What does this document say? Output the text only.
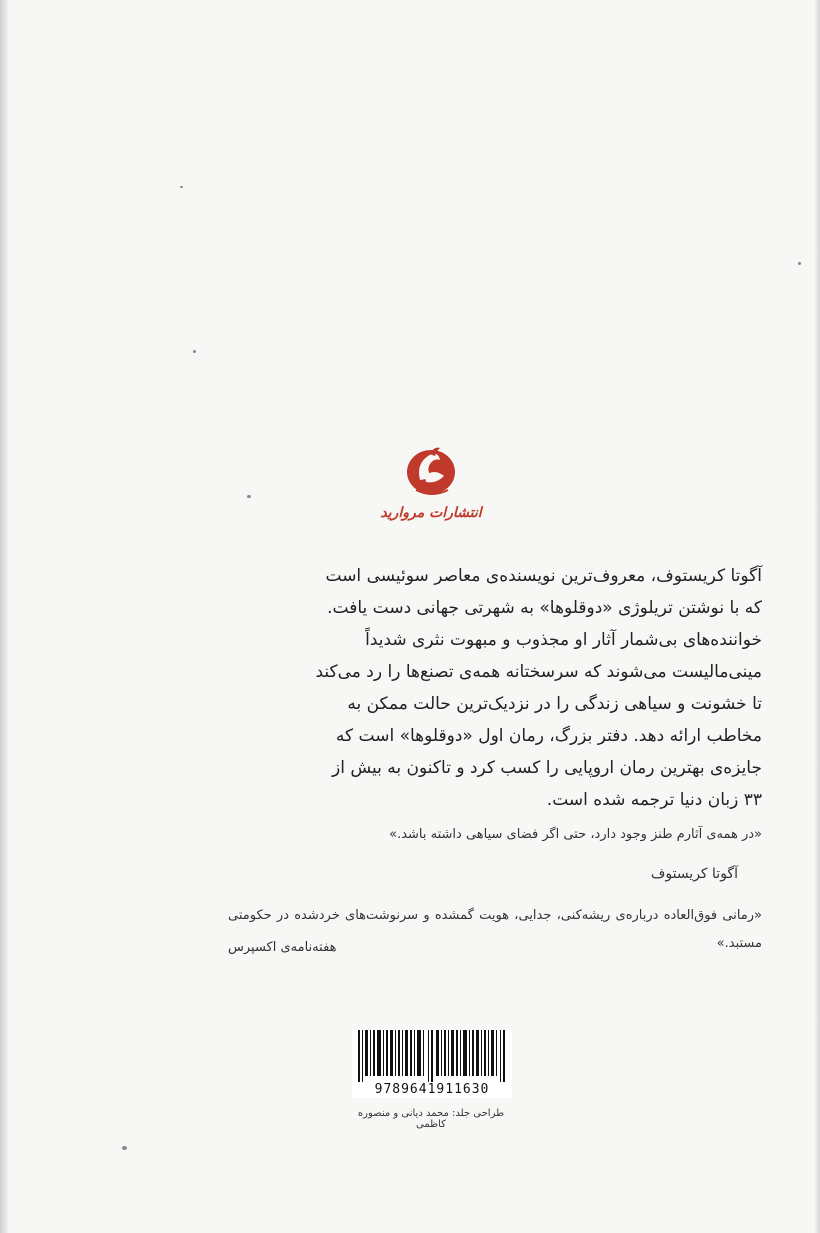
انتشارات مروارید

آگوتا کریستوف، معروف‌ترین نویسنده‌ی معاصر سوئیسی است

که با نوشتن تریلوژی «دوقلوها» به شهرتی جهانی دست یافت.

خواننده‌های بی‌شمار آثار او مجذوب و مبهوت نثری شدیداً

مینی‌مالیست می‌شوند که سرسختانه همه‌ی تصنع‌ها را رد می‌کند

تا خشونت و سیاهی زندگی را در نزدیک‌ترین حالت ممکن به

مخاطب ارائه دهد. دفتر بزرگ، رمان اول «دوقلوها» است که

جایزه‌ی بهترین رمان اروپایی را کسب کرد و تاکنون به بیش از

۳۳ زبان دنیا ترجمه شده است.

«در همه‌ی آثارم طنز وجود دارد، حتی اگر فضای سیاهی داشته باشد.»
آگوتا کریستوف
«رمانی فوق‌العاده درباره‌ی ریشه‌کنی، جدایی، هویت گمشده و سرنوشت‌های خردشده در حکومتی مستبد.»
هفته‌نامه‌ی اکسپرس
9789641911630
طراحی جلد: محمد دیانی و منصوره کاظمی
